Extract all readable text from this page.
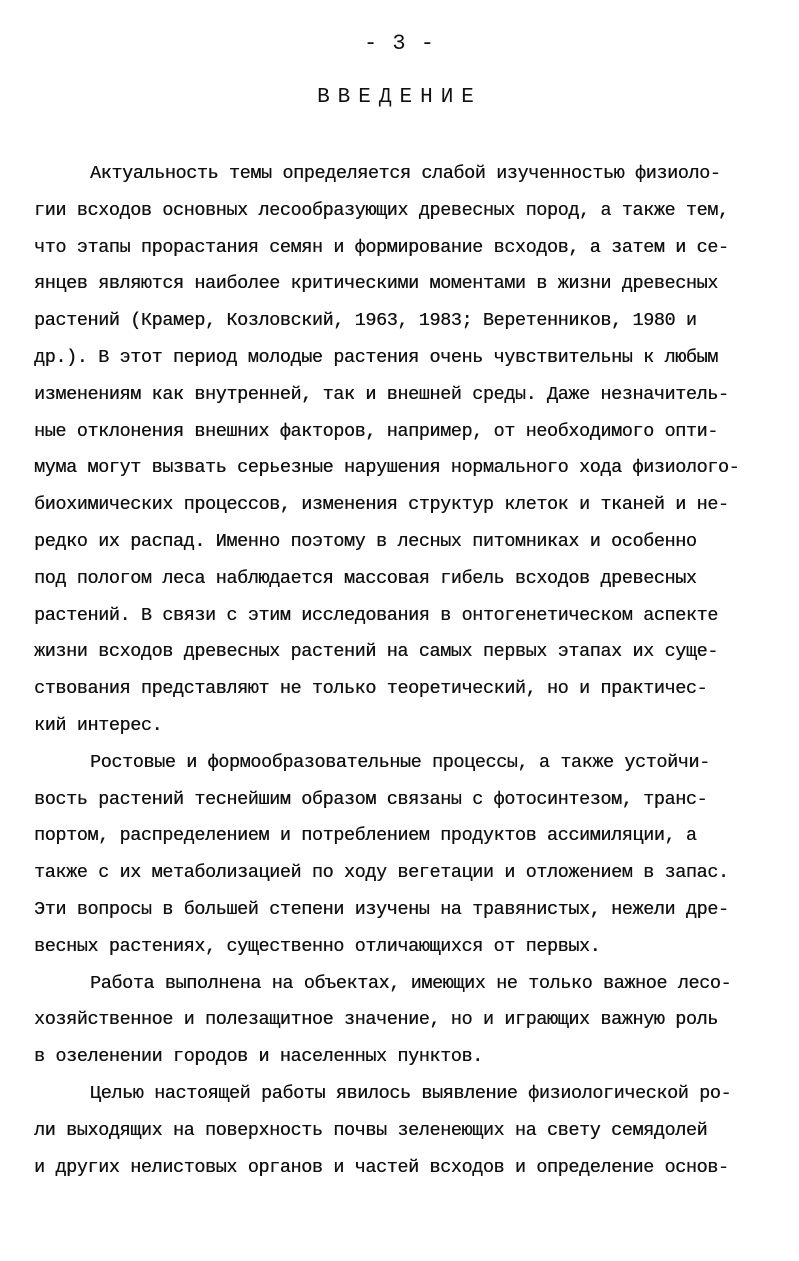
- 3 -
ВВЕДЕНИЕ
Актуальность темы определяется слабой изученностью физиоло-
гии всходов основных лесообразующих древесных пород, а также тем,
что этапы прорастания семян и формирование всходов, а затем и се-
янцев являются наиболее критическими моментами в жизни древесных
растений (Крамер, Козловский, 1963, 1983; Веретенников, 1980 и
др.). В этот период молодые растения очень чувствительны к любым
изменениям как внутренней, так и внешней среды. Даже незначитель-
ные отклонения внешних факторов, например, от необходимого опти-
мума могут вызвать серьезные нарушения нормального хода физиолого-
биохимических процессов, изменения структур клеток и тканей и не-
редко их распад. Именно поэтому в лесных питомниках и особенно
под пологом леса наблюдается массовая гибель всходов древесных
растений. В связи с этим исследования в онтогенетическом аспекте
жизни всходов древесных растений на самых первых этапах их суще-
ствования представляют не только теоретический, но и практичес-
кий интерес.
Ростовые и формообразовательные процессы, а также устойчи-
вость растений теснейшим образом связаны с фотосинтезом, транс-
портом, распределением и потреблением продуктов ассимиляции, а
также с их метаболизацией по ходу вегетации и отложением в запас.
Эти вопросы в большей степени изучены на травянистых, нежели дре-
весных растениях, существенно отличающихся от первых.
Работа выполнена на объектах, имеющих не только важное лесо-
хозяйственное и полезащитное значение, но и играющих важную роль
в озеленении городов и населенных пунктов.
Целью настоящей работы явилось выявление физиологической ро-
ли выходящих на поверхность почвы зеленеющих на свету семядолей
и других нелистовых органов и частей всходов и определение основ-
